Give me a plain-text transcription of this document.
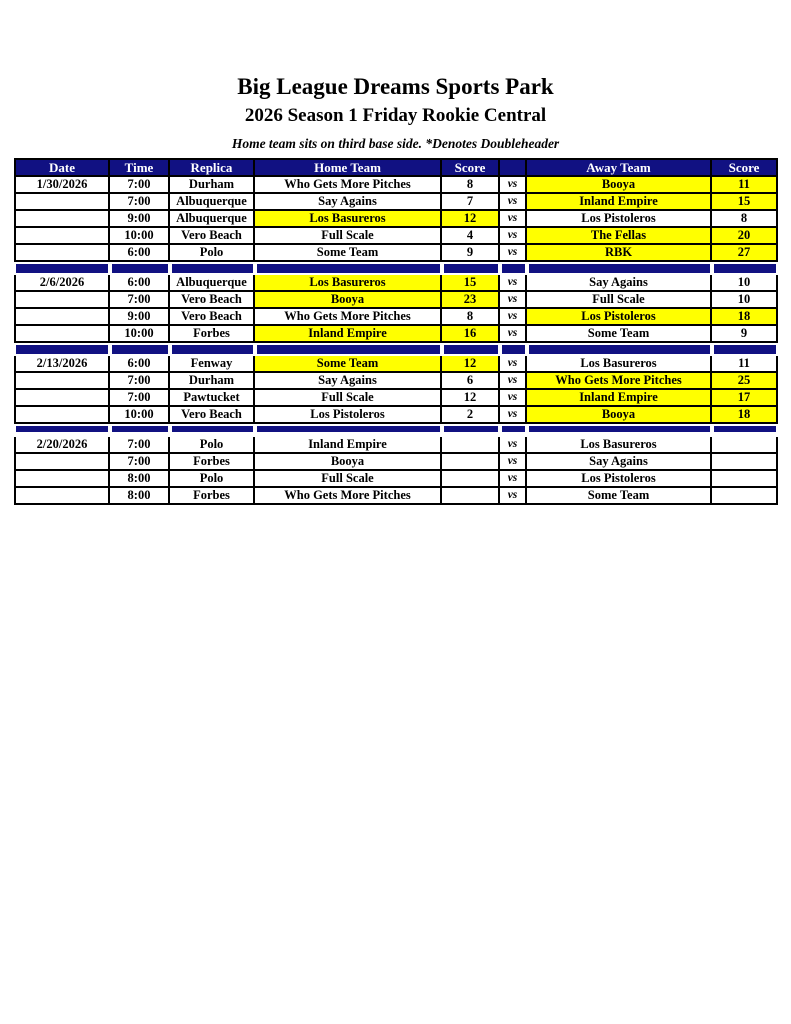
Big League Dreams Sports Park
2026 Season 1 Friday Rookie Central
Home team sits on third base side. *Denotes Doubleheader
Date	Time	Replica	Home Team	Score		Away Team	Score
1/30/2026	7:00	Durham	Who Gets More Pitches	8	vs	Booya	11
	7:00	Albuquerque	Say Agains	7	vs	Inland Empire	15
	9:00	Albuquerque	Los Basureros	12	vs	Los Pistoleros	8
	10:00	Vero Beach	Full Scale	4	vs	The Fellas	20
	6:00	Polo	Some Team	9	vs	RBK	27

2/6/2026	6:00	Albuquerque	Los Basureros	15	vs	Say Agains	10
	7:00	Vero Beach	Booya	23	vs	Full Scale	10
	9:00	Vero Beach	Who Gets More Pitches	8	vs	Los Pistoleros	18
	10:00	Forbes	Inland Empire	16	vs	Some Team	9

2/13/2026	6:00	Fenway	Some Team	12	vs	Los Basureros	11
	7:00	Durham	Say Agains	6	vs	Who Gets More Pitches	25
	7:00	Pawtucket	Full Scale	12	vs	Inland Empire	17
	10:00	Vero Beach	Los Pistoleros	2	vs	Booya	18

2/20/2026	7:00	Polo	Inland Empire		vs	Los Basureros	
	7:00	Forbes	Booya		vs	Say Agains	
	8:00	Polo	Full Scale		vs	Los Pistoleros	
	8:00	Forbes	Who Gets More Pitches		vs	Some Team	
